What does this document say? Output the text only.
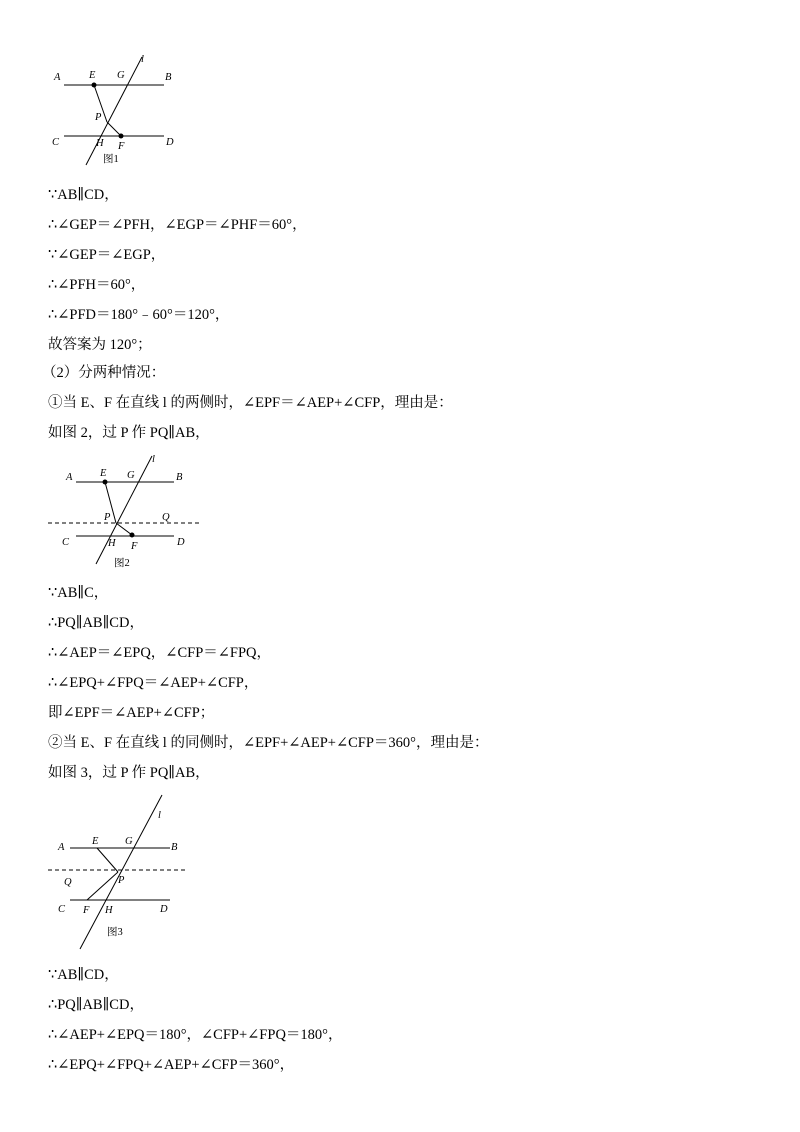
A	E G
l
B
P
C	H F	D
图1
A	E G
l
B
P	Q
C	H F	D
图2
A
E	G
l
B
Q	P
C F H	D
图3
∵AB∥CD，
∴∠GEP＝∠PFH，∠EGP＝∠PHF＝60°，
∵∠GEP＝∠EGP，
∴∠PFH＝60°，
∴∠PFD＝180°﹣60°＝120°，
故答案为 120°；
（2）分两种情况：
①当 E、F 在直线 l 的两侧时，∠EPF＝∠AEP+∠CFP，理由是：
如图 2，过 P 作 PQ∥AB，
∵AB∥C，
∴PQ∥AB∥CD，
∴∠AEP＝∠EPQ，∠CFP＝∠FPQ，
∴∠EPQ+∠FPQ＝∠AEP+∠CFP，
即∠EPF＝∠AEP+∠CFP；
②当 E、F 在直线 l 的同侧时，∠EPF+∠AEP+∠CFP＝360°，理由是：
如图 3，过 P 作 PQ∥AB，
∵AB∥CD，
∴PQ∥AB∥CD，
∴∠AEP+∠EPQ＝180°，∠CFP+∠FPQ＝180°，
∴∠EPQ+∠FPQ+∠AEP+∠CFP＝360°，
